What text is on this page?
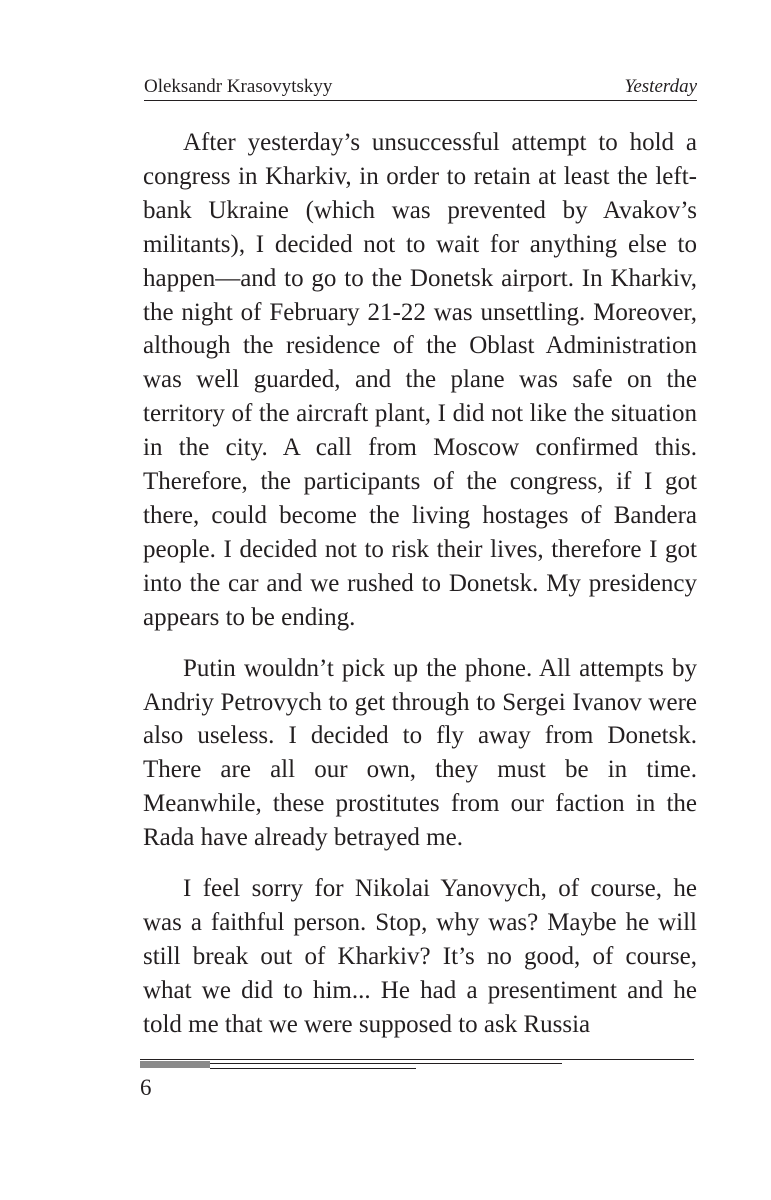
Oleksandr Krasovytskyy	Yesterday

After yesterday’s unsuccessful attempt to hold a congress in Kharkiv, in order to retain at least the left-bank Ukraine (which was prevented by Avakov’s militants), I decided not to wait for anything else to happen—and to go to the Donetsk airport. In Kharkiv, the night of February 21-22 was unsettling. Moreover, although the residence of the Oblast Administration was well guarded, and the plane was safe on the territory of the aircraft plant, I did not like the situation in the city. A call from Moscow confirmed this. Therefore, the participants of the congress, if I got there, could become the living hostages of Bandera people. I decided not to risk their lives, therefore I got into the car and we rushed to Donetsk. My presidency appears to be ending.

Putin wouldn’t pick up the phone. All attempts by Andriy Petrovych to get through to Sergei Ivanov were also useless. I decided to fly away from Donetsk. There are all our own, they must be in time. Meanwhile, these prostitutes from our faction in the Rada have already betrayed me.

I feel sorry for Nikolai Yanovych, of course, he was a faithful person. Stop, why was? Maybe he will still break out of Kharkiv? It’s no good, of course, what we did to him... He had a presentiment and he told me that we were supposed to ask Russia

6
